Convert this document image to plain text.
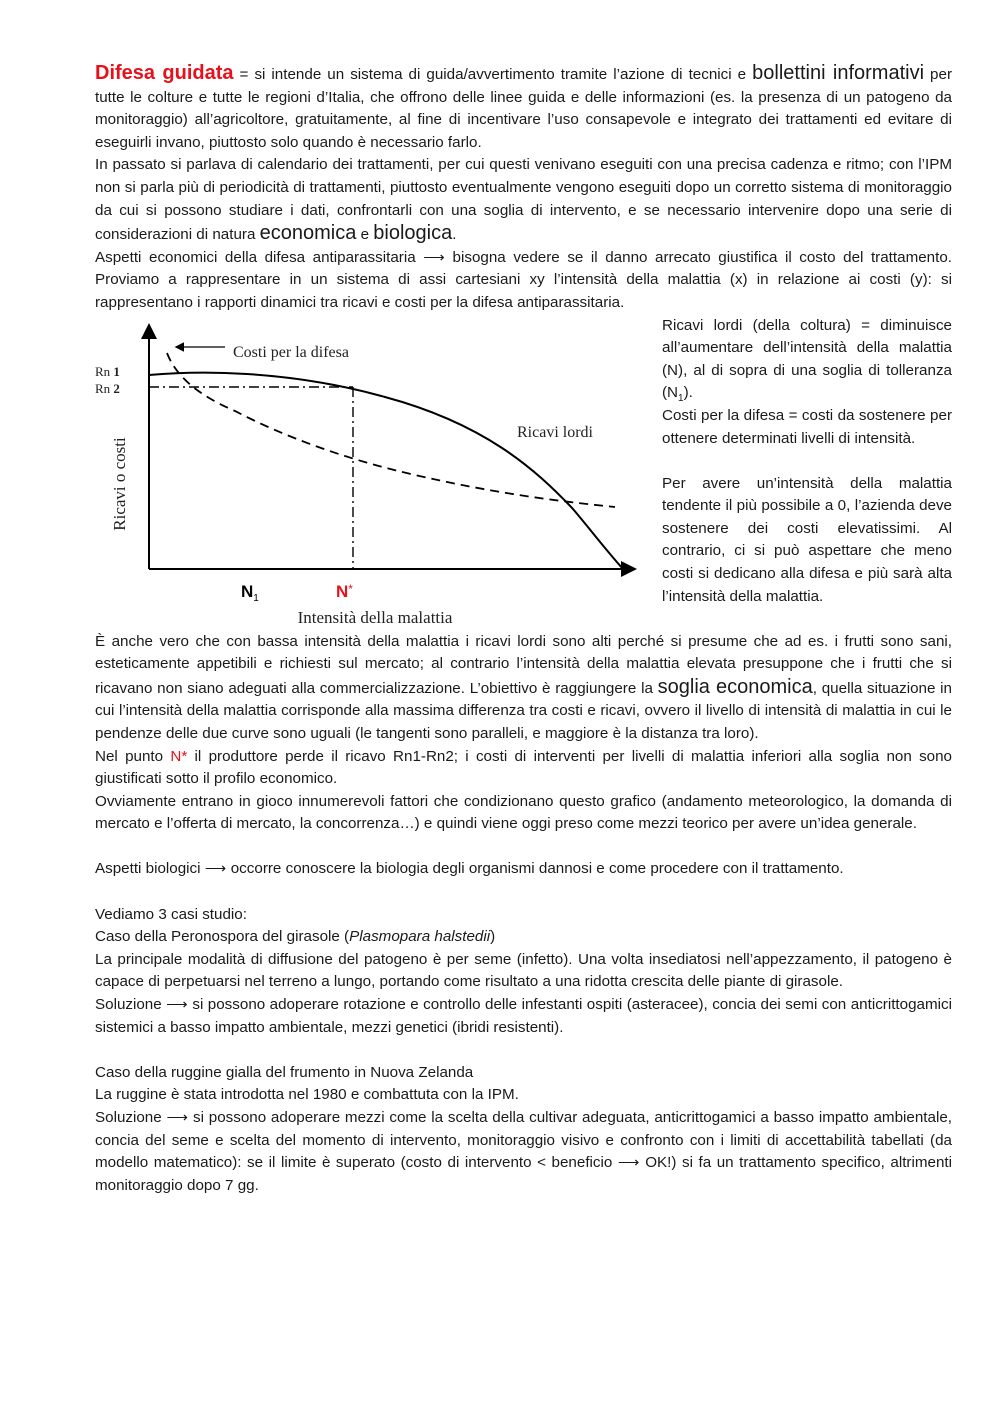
Difesa guidata = si intende un sistema di guida/avvertimento tramite l’azione di tecnici e bollettini informativi per tutte le colture e tutte le regioni d’Italia, che offrono delle linee guida e delle informazioni (es. la presenza di un patogeno da monitoraggio) all’agricoltore, gratuitamente, al fine di incentivare l’uso consapevole e integrato dei trattamenti ed evitare di eseguirli invano, piuttosto solo quando è necessario farlo.

In passato si parlava di calendario dei trattamenti, per cui questi venivano eseguiti con una precisa cadenza e ritmo; con l’IPM non si parla più di periodicità di trattamenti, piuttosto eventualmente vengono eseguiti dopo un corretto sistema di monitoraggio da cui si possono studiare i dati, confrontarli con una soglia di intervento, e se necessario intervenire dopo una serie di considerazioni di natura economica e biologica.

Aspetti economici della difesa antiparassitaria ⟶ bisogna vedere se il danno arrecato giustifica il costo del trattamento. Proviamo a rappresentare in un sistema di assi cartesiani xy l’intensità della malattia (x) in relazione ai costi (y): si rappresentano i rapporti dinamici tra ricavi e costi per la difesa antiparassitaria.

Costi per la difesa
Ricavi lordi
Rn 1
Rn 2
Ricavi o costi
$N_1$	N*
Intensità della malattia

Ricavi lordi (della coltura) = diminuisce all’aumentare dell’intensità della malattia (N), al di sopra di una soglia di tolleranza $(N_1)$.

Costi per la difesa = costi da sostenere per ottenere determinati livelli di intensità.

Per avere un’intensità della malattia tendente il più possibile a 0, l’azienda deve sostenere dei costi elevatissimi. Al contrario, ci si può aspettare che meno costi si dedicano alla difesa e più sarà alta l’intensità della malattia.

È anche vero che con bassa intensità della malattia i ricavi lordi sono alti perché si presume che ad es. i frutti sono sani, esteticamente appetibili e richiesti sul mercato; al contrario l’intensità della malattia elevata presuppone che i frutti che si ricavano non siano adeguati alla commercializzazione. L’obiettivo è raggiungere la soglia economica, quella situazione in cui l’intensità della malattia corrisponde alla massima differenza tra costi e ricavi, ovvero il livello di intensità di malattia in cui le pendenze delle due curve sono uguali (le tangenti sono paralleli, e maggiore è la distanza tra loro).

Nel punto N* il produttore perde il ricavo Rn1-Rn2; i costi di interventi per livelli di malattia inferiori alla soglia non sono giustificati sotto il profilo economico.

Ovviamente entrano in gioco innumerevoli fattori che condizionano questo grafico (andamento meteorologico, la domanda di mercato e l’offerta di mercato, la concorrenza…) e quindi viene oggi preso come mezzi teorico per avere un’idea generale.

Aspetti biologici ⟶ occorre conoscere la biologia degli organismi dannosi e come procedere con il trattamento.

Vediamo 3 casi studio:

Caso della Peronospora del girasole (Plasmopara halstedii)

La principale modalità di diffusione del patogeno è per seme (infetto). Una volta insediatosi nell’appezzamento, il patogeno è capace di perpetuarsi nel terreno a lungo, portando come risultato a una ridotta crescita delle piante di girasole.

Soluzione ⟶ si possono adoperare rotazione e controllo delle infestanti ospiti (asteracee), concia dei semi con anticrittogamici sistemici a basso impatto ambientale, mezzi genetici (ibridi resistenti).

Caso della ruggine gialla del frumento in Nuova Zelanda

La ruggine è stata introdotta nel 1980 e combattuta con la IPM.

Soluzione ⟶ si possono adoperare mezzi come la scelta della cultivar adeguata, anticrittogamici a basso impatto ambientale, concia del seme e scelta del momento di intervento, monitoraggio visivo e confronto con i limiti di accettabilità tabellati (da modello matematico): se il limite è superato (costo di intervento < beneficio ⟶ OK!) si fa un trattamento specifico, altrimenti monitoraggio dopo 7 gg.
